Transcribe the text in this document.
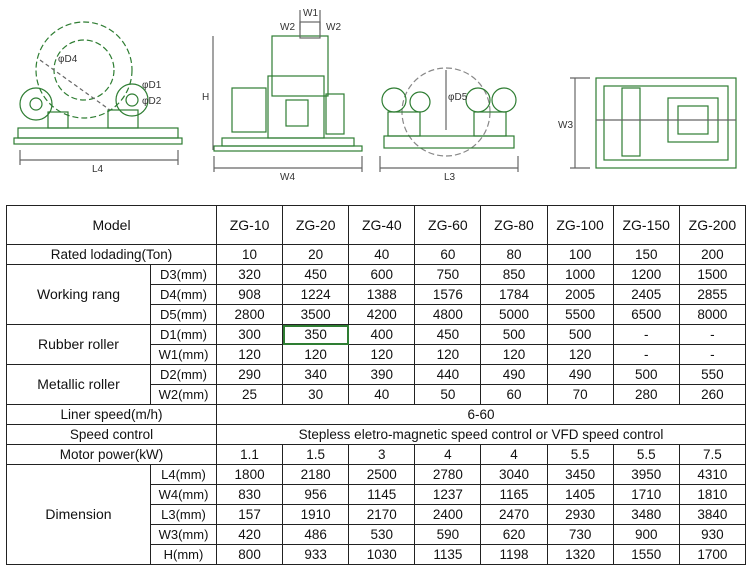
φD4
φD1
φD2
L4
W1
W2	W2
H
W4
φD5
L3
W3
Model		ZG-10	ZG-20	ZG-40	ZG-60	ZG-80	ZG-100	ZG-150	ZG-200
Rated lodading(Ton)		10	20	40	60	80	100	150	200
Working rang	D3(mm)	320	450	600	750	850	1000	1200	1500
	D4(mm)	908	1224	1388	1576	1784	2005	2405	2855
	D5(mm)	2800	3500	4200	4800	5000	5500	6500	8000
Rubber roller	D1(mm)	300	350	400	450	500	500	-	-
	W1(mm)	120	120	120	120	120	120	-	-
Metallic roller	D2(mm)	290	340	390	440	490	490	500	550
	W2(mm)	25	30	40	50	60	70	280	260
Liner speed(m/h)		6-60							
Speed control		Stepless eletro-magnetic speed control or VFD speed control							
Motor power(kW)		1.1	1.5	3	4	4	5.5	5.5	7.5
Dimension	L4(mm)	1800	2180	2500	2780	3040	3450	3950	4310
	W4(mm)	830	956	1145	1237	1165	1405	1710	1810
	L3(mm)	157	1910	2170	2400	2470	2930	3480	3840
	W3(mm)	420	486	530	590	620	730	900	930
	H(mm)	800	933	1030	1135	1198	1320	1550	1700
